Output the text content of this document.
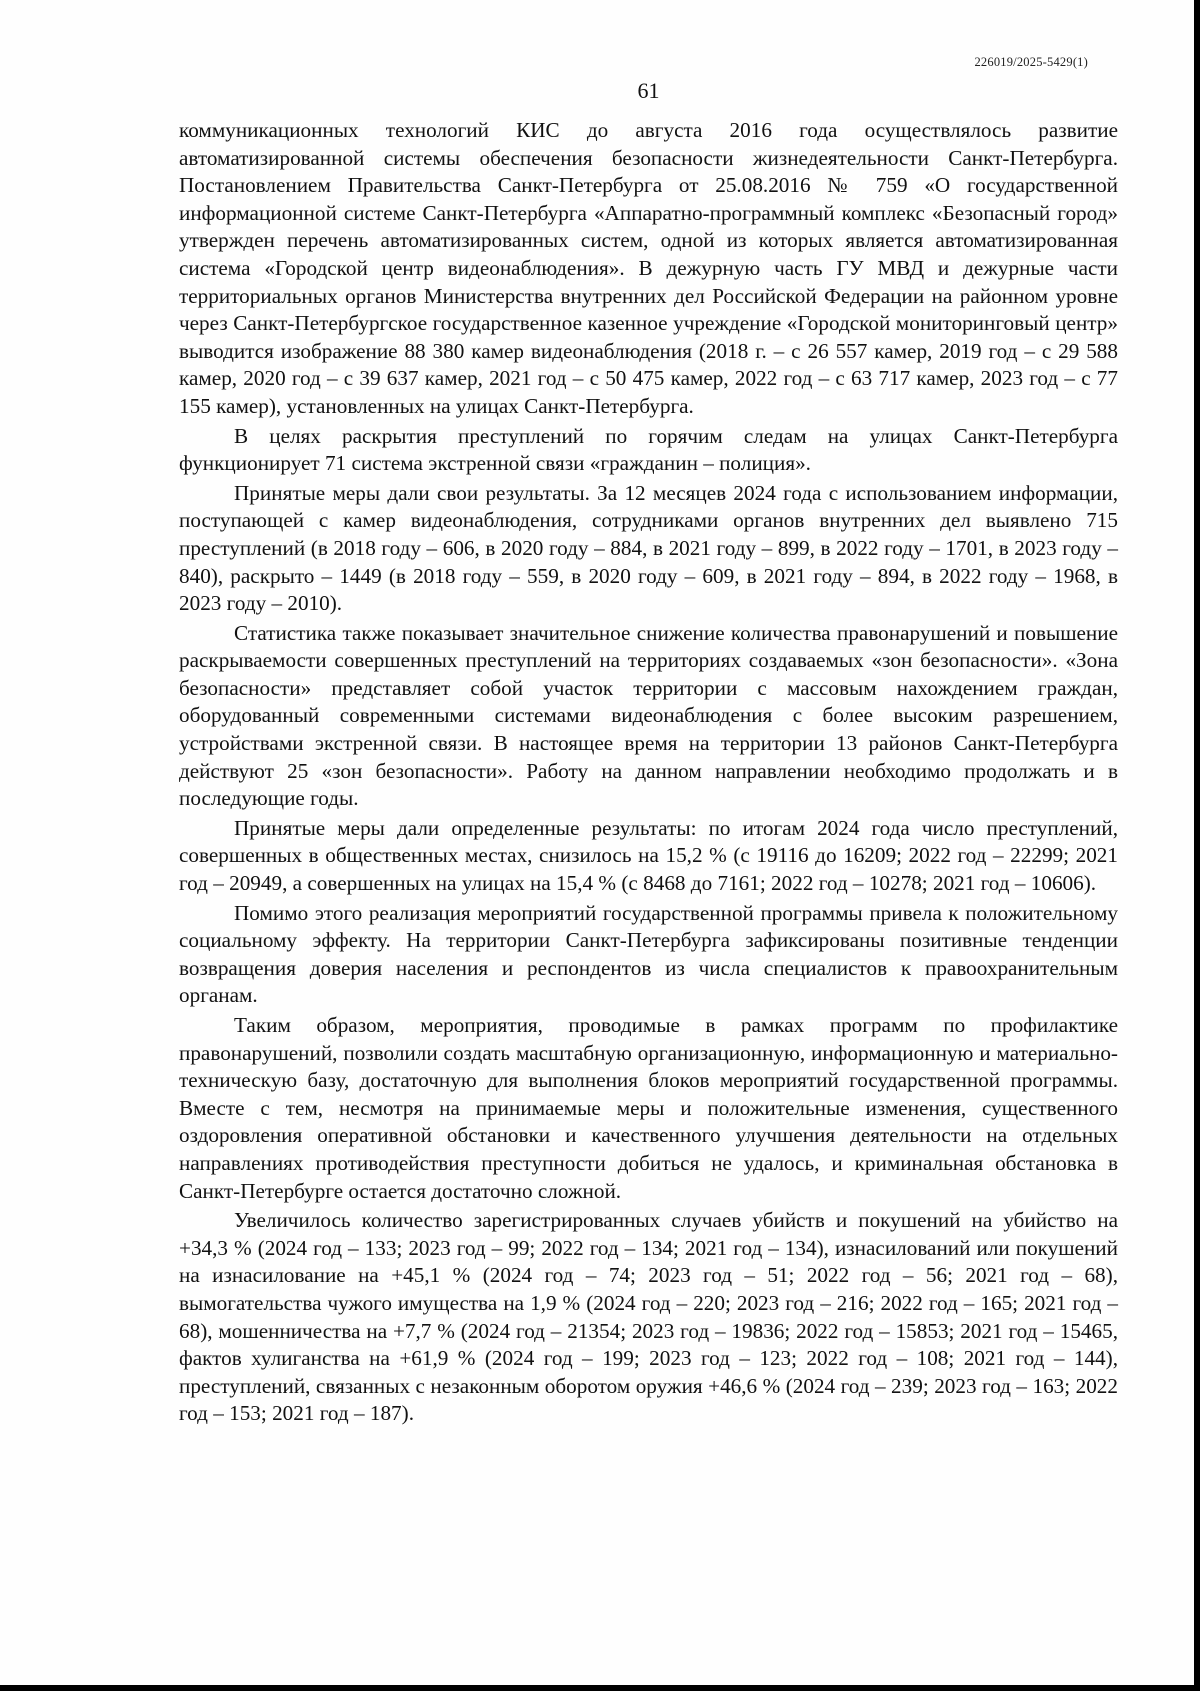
226019/2025-5429(1)
61

коммуникационных технологий КИС до августа 2016 года осуществлялось развитие автоматизированной системы обеспечения безопасности жизнедеятельности Санкт-Петербурга. Постановлением Правительства Санкт-Петербурга от 25.08.2016 № 759 «О государственной информационной системе Санкт-Петербурга «Аппаратно-программный комплекс «Безопасный город» утвержден перечень автоматизированных систем, одной из которых является автоматизированная система «Городской центр видеонаблюдения». В дежурную часть ГУ МВД и дежурные части территориальных органов Министерства внутренних дел Российской Федерации на районном уровне через Санкт-Петербургское государственное казенное учреждение «Городской мониторинговый центр» выводится изображение 88 380 камер видеонаблюдения (2018 г. – с 26 557 камер, 2019 год – с 29 588 камер, 2020 год – с 39 637 камер, 2021 год – с 50 475 камер, 2022 год – с 63 717 камер, 2023 год – с 77 155 камер), установленных на улицах Санкт-Петербурга.

В целях раскрытия преступлений по горячим следам на улицах Санкт-Петербурга функционирует 71 система экстренной связи «гражданин – полиция».

Принятые меры дали свои результаты. За 12 месяцев 2024 года с использованием информации, поступающей с камер видеонаблюдения, сотрудниками органов внутренних дел выявлено 715 преступлений (в 2018 году – 606, в 2020 году – 884, в 2021 году – 899, в 2022 году – 1701, в 2023 году – 840), раскрыто – 1449 (в 2018 году – 559, в 2020 году – 609, в 2021 году – 894, в 2022 году – 1968, в 2023 году – 2010).

Статистика также показывает значительное снижение количества правонарушений и повышение раскрываемости совершенных преступлений на территориях создаваемых «зон безопасности». «Зона безопасности» представляет собой участок территории с массовым нахождением граждан, оборудованный современными системами видеонаблюдения с более высоким разрешением, устройствами экстренной связи. В настоящее время на территории 13 районов Санкт-Петербурга действуют 25 «зон безопасности». Работу на данном направлении необходимо продолжать и в последующие годы.

Принятые меры дали определенные результаты: по итогам 2024 года число преступлений, совершенных в общественных местах, снизилось на 15,2 % (с 19116 до 16209; 2022 год – 22299; 2021 год – 20949, а совершенных на улицах на 15,4 % (с 8468 до 7161; 2022 год – 10278; 2021 год – 10606).

Помимо этого реализация мероприятий государственной программы привела к положительному социальному эффекту. На территории Санкт-Петербурга зафиксированы позитивные тенденции возвращения доверия населения и респондентов из числа специалистов к правоохранительным органам.

Таким образом, мероприятия, проводимые в рамках программ по профилактике правонарушений, позволили создать масштабную организационную, информационную и материально-техническую базу, достаточную для выполнения блоков мероприятий государственной программы. Вместе с тем, несмотря на принимаемые меры и положительные изменения, существенного оздоровления оперативной обстановки и качественного улучшения деятельности на отдельных направлениях противодействия преступности добиться не удалось, и криминальная обстановка в Санкт-Петербурге остается достаточно сложной.

Увеличилось количество зарегистрированных случаев убийств и покушений на убийство на +34,3 % (2024 год – 133; 2023 год – 99; 2022 год – 134; 2021 год – 134), изнасилований или покушений на изнасилование на +45,1 % (2024 год – 74; 2023 год – 51; 2022 год – 56; 2021 год – 68), вымогательства чужого имущества на 1,9 % (2024 год – 220; 2023 год – 216; 2022 год – 165; 2021 год – 68), мошенничества на +7,7 % (2024 год – 21354; 2023 год – 19836; 2022 год – 15853; 2021 год – 15465, фактов хулиганства на +61,9 % (2024 год – 199; 2023 год – 123; 2022 год – 108; 2021 год – 144), преступлений, связанных с незаконным оборотом оружия +46,6 % (2024 год – 239; 2023 год – 163; 2022 год – 153; 2021 год – 187).
